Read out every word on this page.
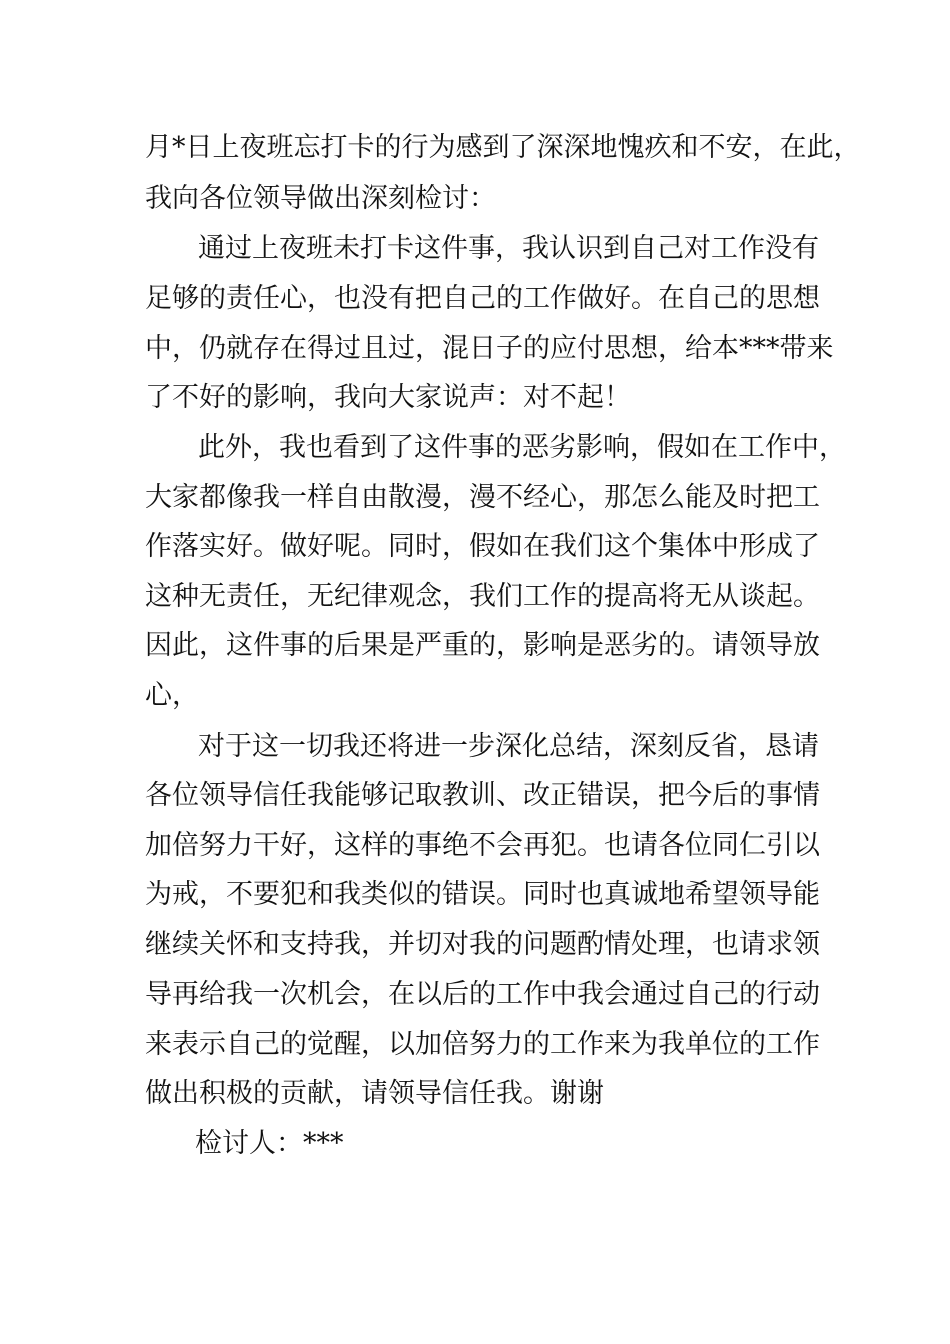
月*日上夜班忘打卡的行为感到了深深地愧疚和不安，在此，
我向各位领导做出深刻检讨：
通过上夜班未打卡这件事，我认识到自己对工作没有
足够的责任心，也没有把自己的工作做好。在自己的思想
中，仍就存在得过且过，混日子的应付思想，给本***带来
了不好的影响，我向大家说声：对不起！
此外，我也看到了这件事的恶劣影响，假如在工作中，
大家都像我一样自由散漫，漫不经心，那怎么能及时把工
作落实好。做好呢。同时，假如在我们这个集体中形成了
这种无责任，无纪律观念，我们工作的提高将无从谈起。
因此，这件事的后果是严重的，影响是恶劣的。请领导放
心，
对于这一切我还将进一步深化总结，深刻反省，恳请
各位领导信任我能够记取教训、改正错误，把今后的事情
加倍努力干好，这样的事绝不会再犯。也请各位同仁引以
为戒，不要犯和我类似的错误。同时也真诚地希望领导能
继续关怀和支持我，并切对我的问题酌情处理，也请求领
导再给我一次机会，在以后的工作中我会通过自己的行动
来表示自己的觉醒，以加倍努力的工作来为我单位的工作
做出积极的贡献，请领导信任我。谢谢
检讨人：***
